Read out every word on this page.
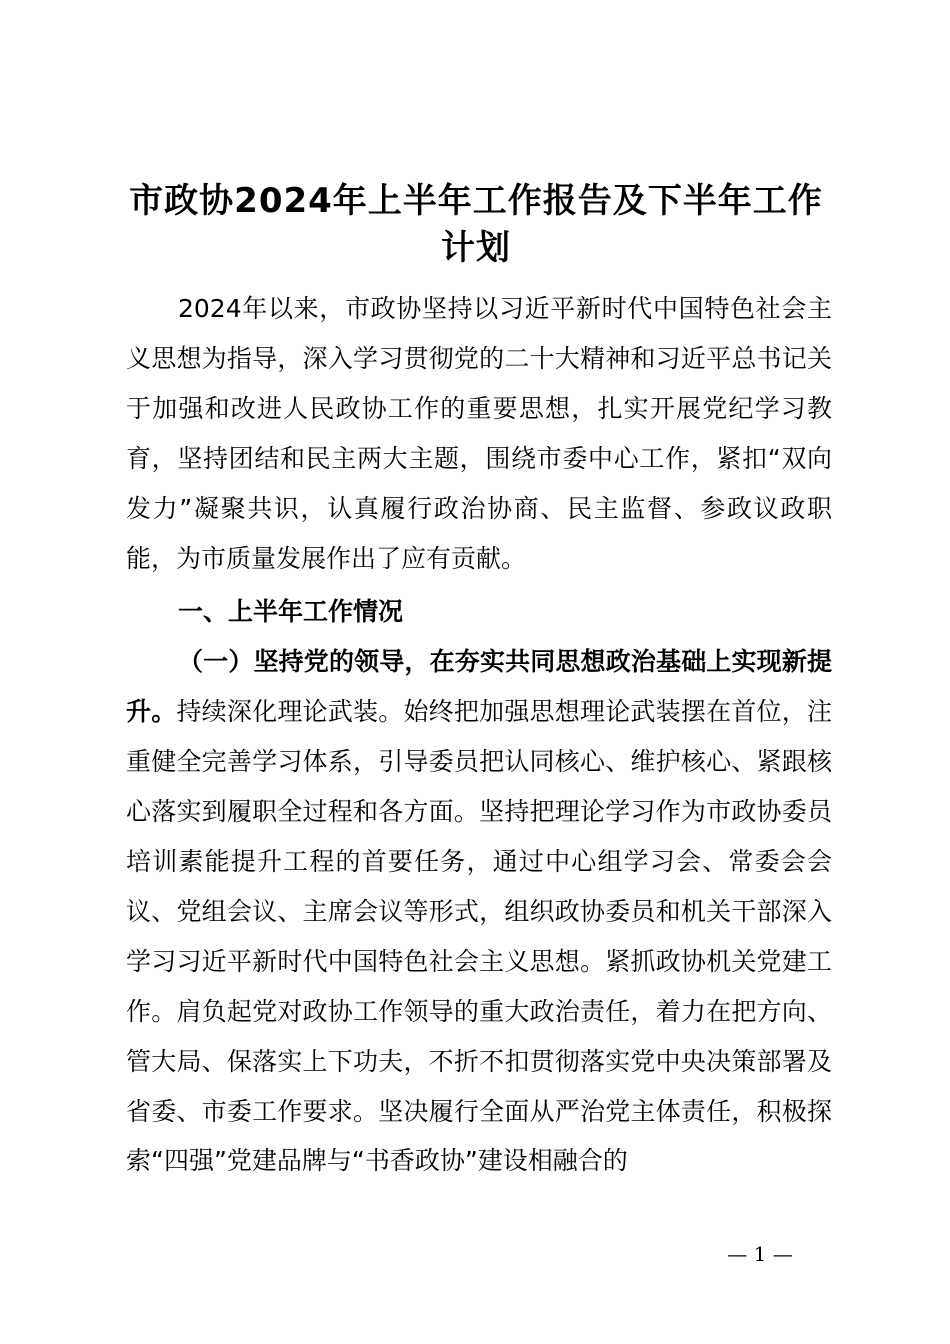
市政协2024年上半年工作报告及下半年工作计划

2024年以来，市政协坚持以习近平新时代中国特色社会主义思想为指导，深入学习贯彻党的二十大精神和习近平总书记关于加强和改进人民政协工作的重要思想，扎实开展党纪学习教育，坚持团结和民主两大主题，围绕市委中心工作，紧扣“双向发力”凝聚共识，认真履行政治协商、民主监督、参政议政职能，为市质量发展作出了应有贡献。

一、上半年工作情况

（一）坚持党的领导，在夯实共同思想政治基础上实现新提升。持续深化理论武装。始终把加强思想理论武装摆在首位，注重健全完善学习体系，引导委员把认同核心、维护核心、紧跟核心落实到履职全过程和各方面。坚持把理论学习作为市政协委员培训素能提升工程的首要任务，通过中心组学习会、常委会会议、党组会议、主席会议等形式，组织政协委员和机关干部深入学习习近平新时代中国特色社会主义思想。紧抓政协机关党建工作。肩负起党对政协工作领导的重大政治责任，着力在把方向、管大局、保落实上下功夫，不折不扣贯彻落实党中央决策部署及省委、市委工作要求。坚决履行全面从严治党主体责任，积极探索“四强”党建品牌与“书香政协”建设相融合的

— 1 —
